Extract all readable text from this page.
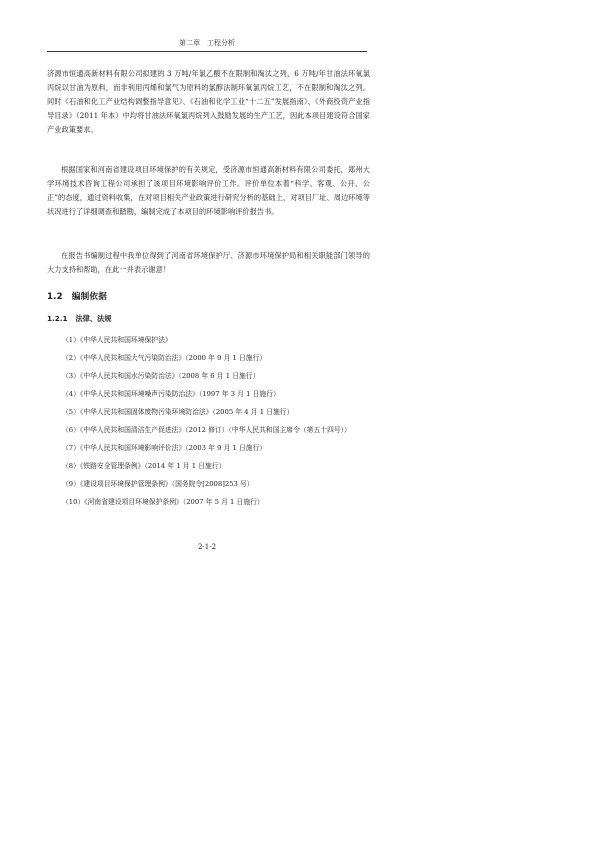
第二章　工程分析

济源市恒通高新材料有限公司拟建的 3 万吨/年氯乙酸不在限制和淘汰之列，6 万吨/年甘油法环氧氯丙烷以甘油为原料，而非利用丙烯和氯气为原料的氯醇法制环氧氯丙烷工艺，不在限制和淘汰之列。同时《石油和化工产业结构调整指导意见》、《石油和化学工业“十二五”发展指南》、《外商投资产业指导目录》（2011 年本）中均将甘油法环氧氯丙烷列入鼓励发展的生产工艺，因此本项目建设符合国家产业政策要求。

根据国家和河南省建设项目环境保护的有关规定，受济源市恒通高新材料有限公司委托，郑州大学环境技术咨询工程公司承担了该项目环境影响评价工作。评价单位本着“科学、客观、公开、公正”的态度，通过资料收集，在对项目相关产业政策进行研究分析的基础上，对项目厂址、周边环境等状况进行了详细调查和踏勘，编制完成了本项目的环境影响评价报告书。

在报告书编制过程中我单位得到了河南省环境保护厅、济源市环境保护局和相关职能部门领导的大力支持和帮助，在此一并表示谢意！

1.2 编制依据
1.2.1 法律、法规
（1）《中华人民共和国环境保护法》
（2）《中华人民共和国大气污染防治法》（2000 年 9 月 1 日施行）
（3）《中华人民共和国水污染防治法》（2008 年 6 月 1 日施行）
（4）《中华人民共和国环境噪声污染防治法》（1997 年 3 月 1 日施行）
（5）《中华人民共和国固体废物污染环境防治法》（2005 年 4 月 1 日施行）
（6）《中华人民共和国清洁生产促进法》（2012 修订）（中华人民共和国主席令（第五十四号））
（7）《中华人民共和国环境影响评价法》（2003 年 9 月 1 日施行）
（8）《铁路安全管理条例》（2014 年 1 月 1 日施行）
（9）《建设项目环境保护管理条例》（国务院令[2008]253 号）
（10）《河南省建设项目环境保护条例》（2007 年 5 月 1 日施行）
2-1-2
